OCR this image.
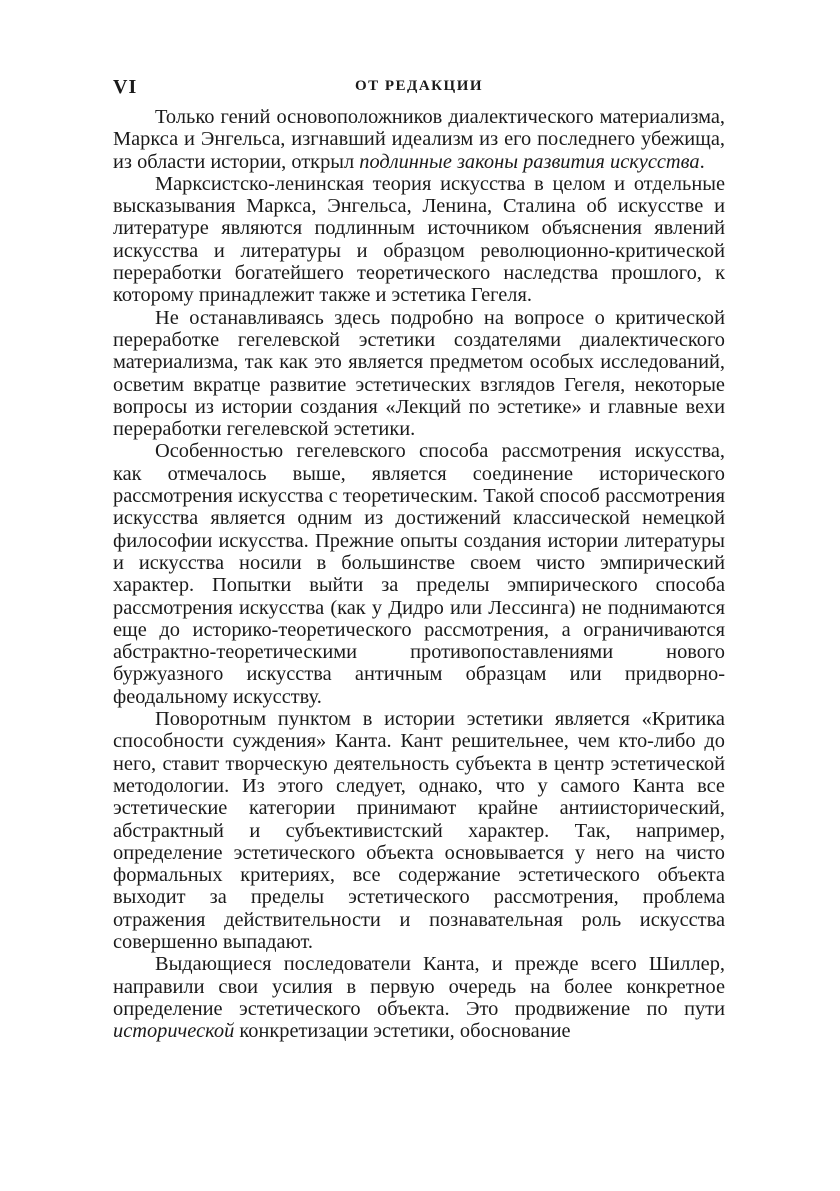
VI	ОТ РЕДАКЦИИ

Только гений основоположников диалектического материализма, Маркса и Энгельса, изгнавший идеализм из его последнего убежища, из области истории, открыл подлинные законы развития искусства.

Марксистско-ленинская теория искусства в целом и отдельные высказывания Маркса, Энгельса, Ленина, Сталина об искусстве и литературе являются подлинным источником объяснения явлений искусства и литературы и образцом революционно-критической переработки богатейшего теоретического наследства прошлого, к которому принадлежит также и эстетика Гегеля.

Не останавливаясь здесь подробно на вопросе о критической переработке гегелевской эстетики создателями диалектического материализма, так как это является предметом особых исследований, осветим вкратце развитие эстетических взглядов Гегеля, некоторые вопросы из истории создания «Лекций по эстетике» и главные вехи переработки гегелевской эстетики.

Особенностью гегелевского способа рассмотрения искусства, как отмечалось выше, является соединение исторического рассмотрения искусства с теоретическим. Такой способ рассмотрения искусства является одним из достижений классической немецкой философии искусства. Прежние опыты создания истории литературы и искусства носили в большинстве своем чисто эмпирический характер. Попытки выйти за пределы эмпирического способа рассмотрения искусства (как у Дидро или Лессинга) не поднимаются еще до историко-теоретического рассмотрения, а ограничиваются абстрактно-теоретическими противопоставлениями нового буржуазного искусства античным образцам или придворно-феодальному искусству.

Поворотным пунктом в истории эстетики является «Критика способности суждения» Канта. Кант решительнее, чем кто-либо до него, ставит творческую деятельность субъекта в центр эстетической методологии. Из этого следует, однако, что у самого Канта все эстетические категории принимают крайне антиисторический, абстрактный и субъективистский характер. Так, например, определение эстетического объекта основывается у него на чисто формальных критериях, все содержание эстетического объекта выходит за пределы эстетического рассмотрения, проблема отражения действительности и познавательная роль искусства совершенно выпадают.

Выдающиеся последователи Канта, и прежде всего Шиллер, направили свои усилия в первую очередь на более конкретное определение эстетического объекта. Это продвижение по пути исторической конкретизации эстетики, обоснование
